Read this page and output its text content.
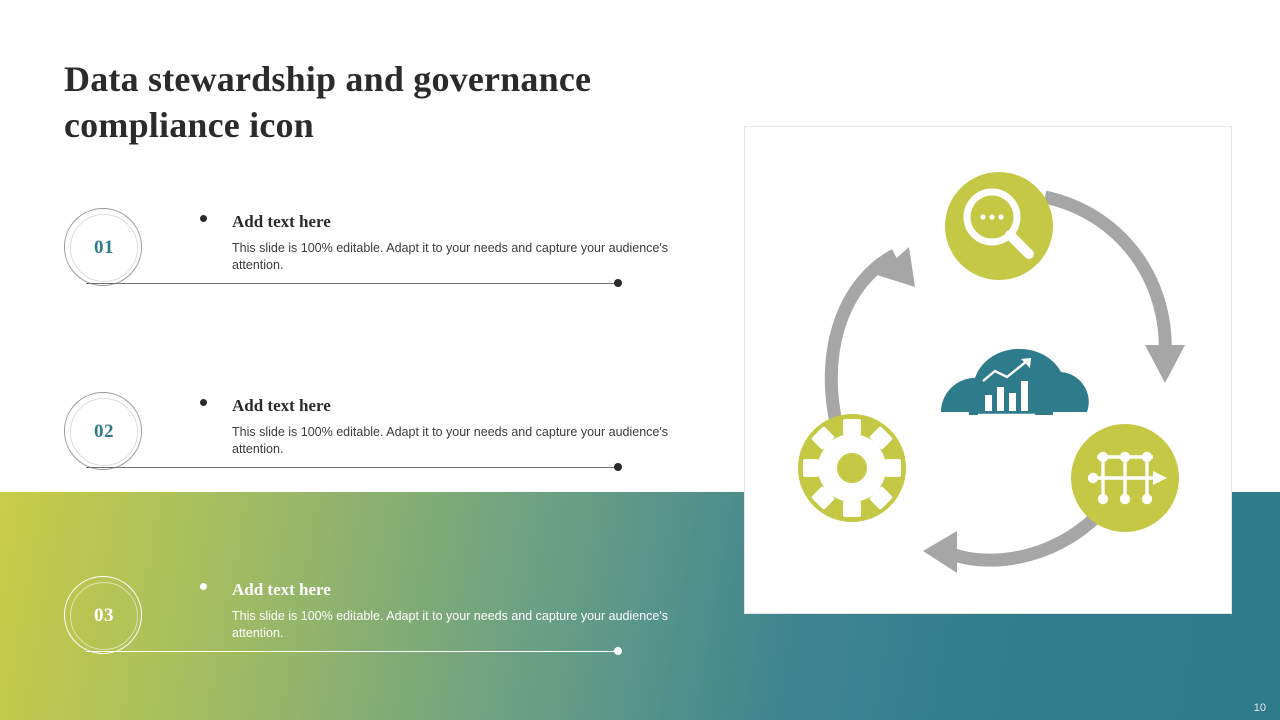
Data stewardship and governance compliance icon
01
Add text here
This slide is 100% editable. Adapt it to your needs and capture your audience's attention.
02
Add text here
This slide is 100% editable. Adapt it to your needs and capture your audience's attention.
03
Add text here
This slide is 100% editable. Adapt it to your needs and capture your audience's attention.
10
